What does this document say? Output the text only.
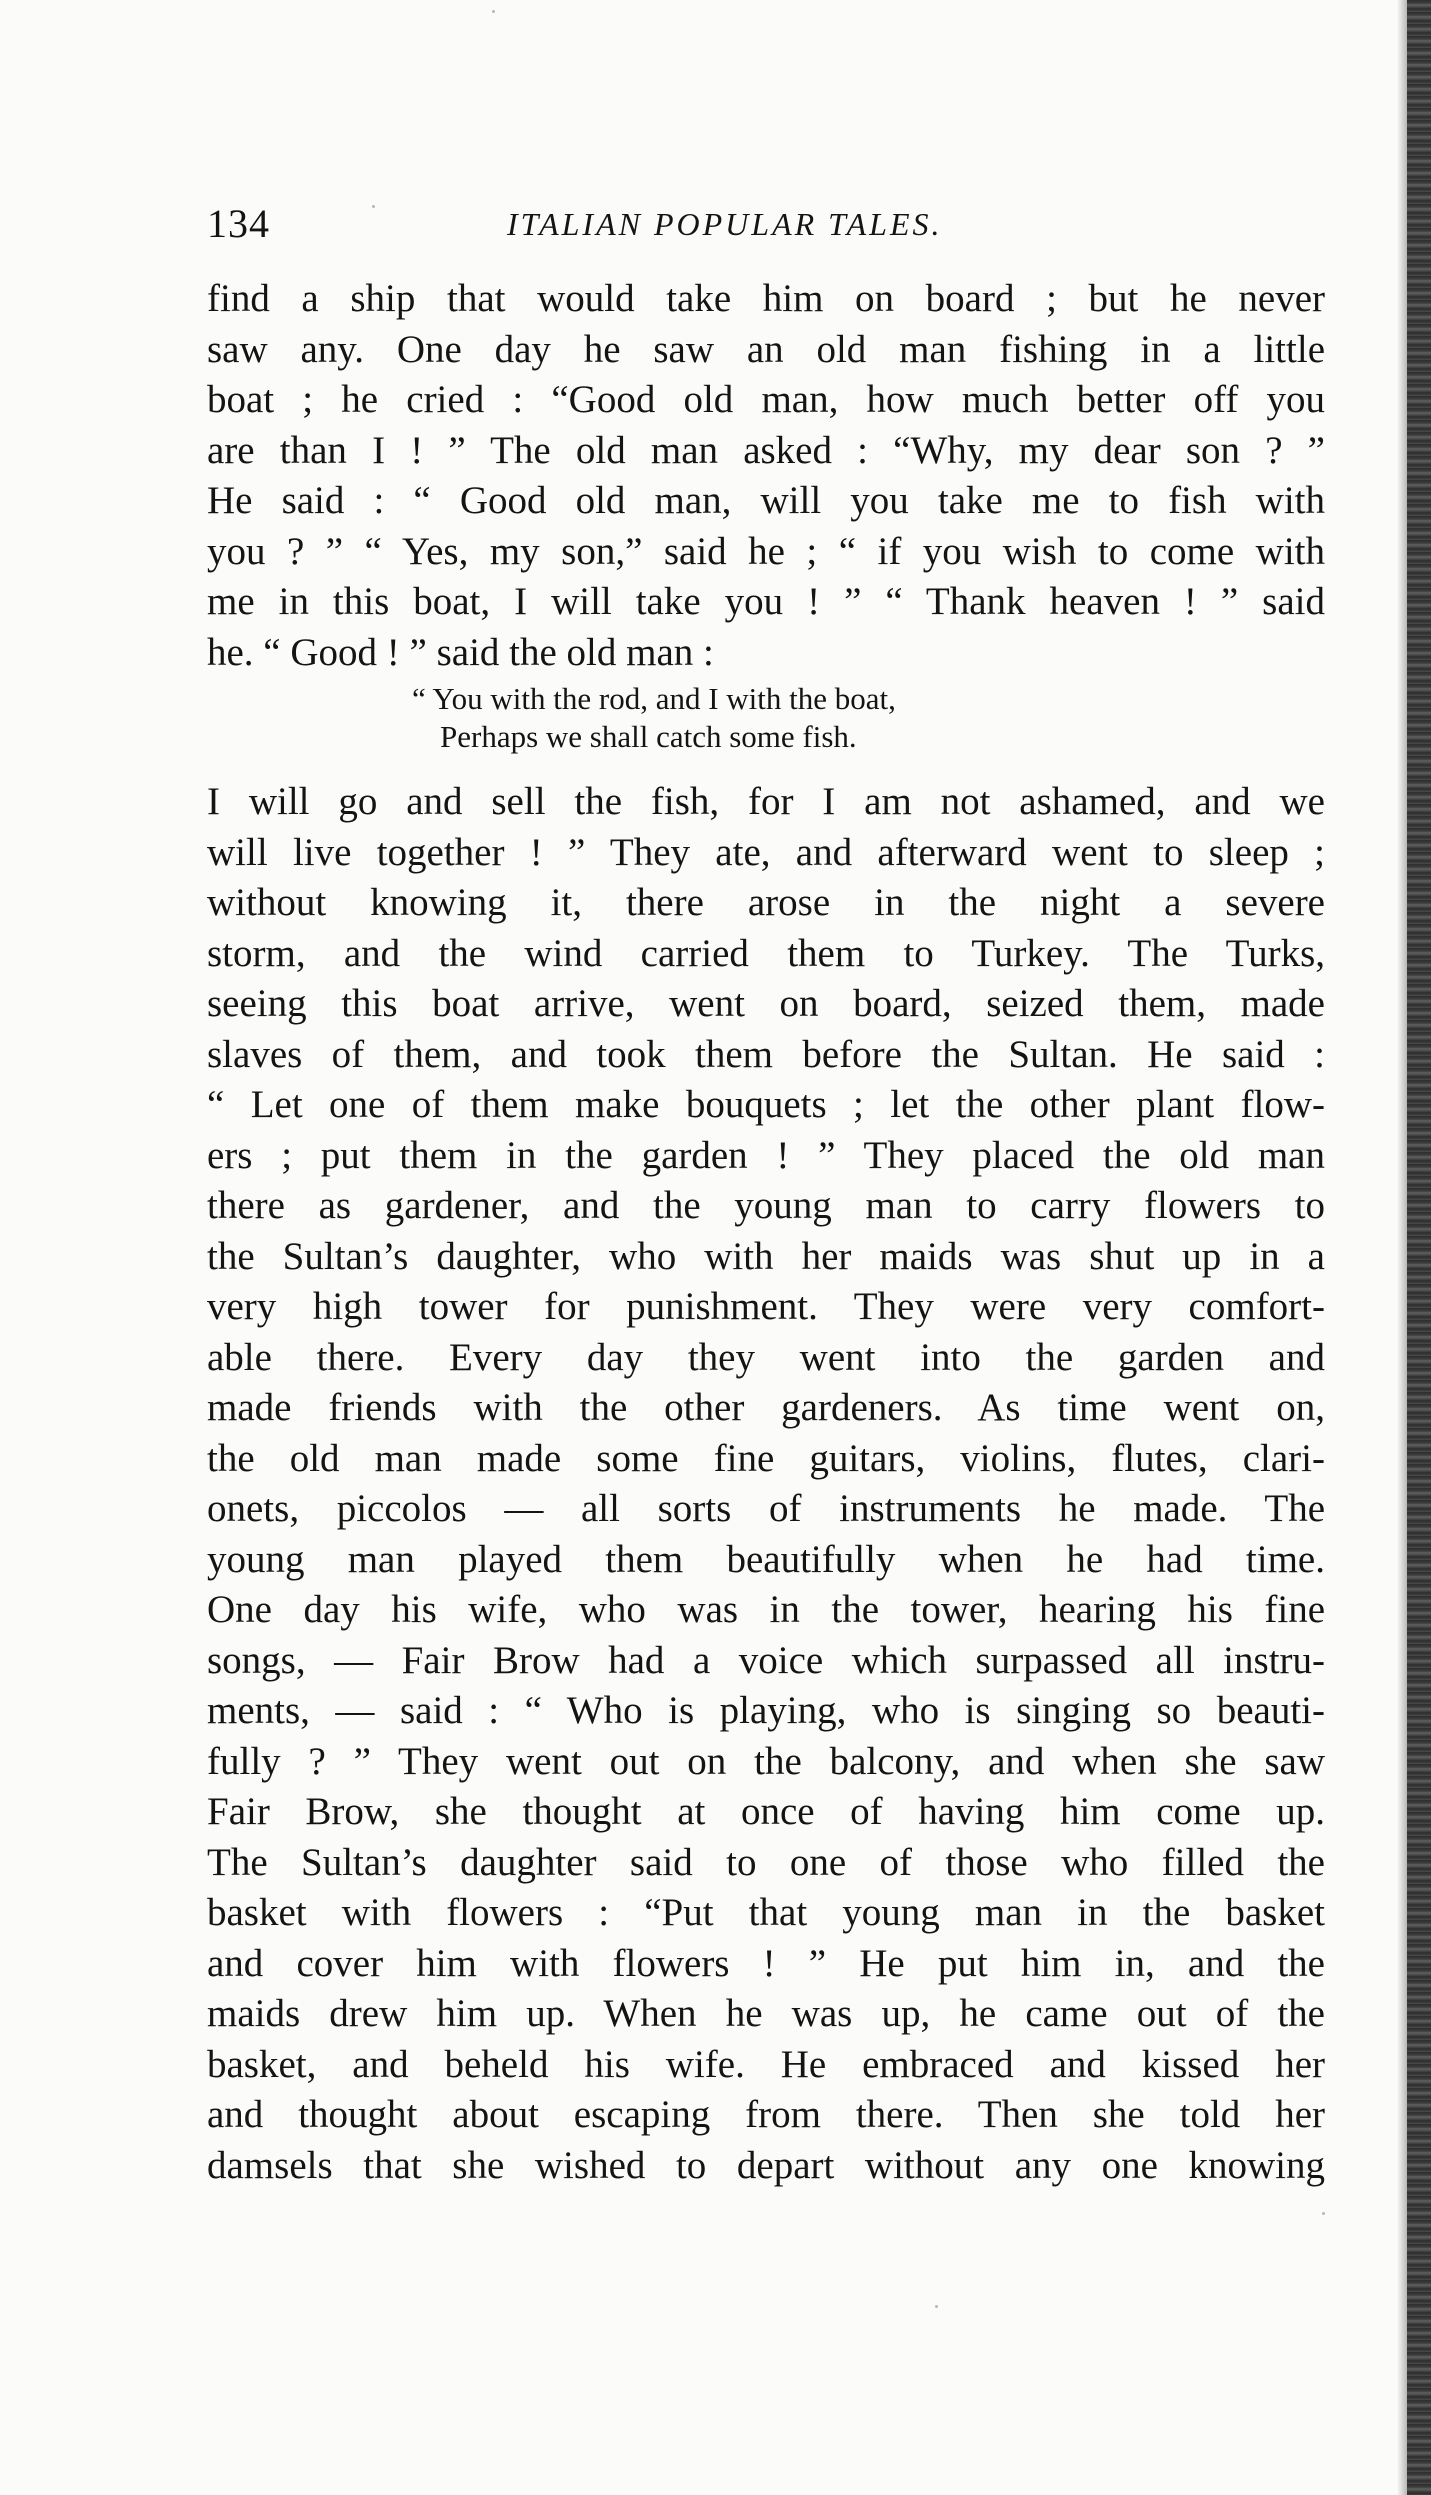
134	ITALIAN POPULAR TALES.
find a ship that would take him on board ; but he never
saw any. One day he saw an old man fishing in a little
boat ; he cried : “Good old man, how much better off you
are than I ! ” The old man asked : “Why, my dear son ? ”
He said : “ Good old man, will you take me to fish with
you ? ” “ Yes, my son,” said he ; “ if you wish to come with
me in this boat, I will take you ! ” “ Thank heaven ! ” said
he. “ Good ! ” said the old man :
“ You with the rod, and I with the boat,
Perhaps we shall catch some fish.
I will go and sell the fish, for I am not ashamed, and we
will live together ! ” They ate, and afterward went to sleep ;
without knowing it, there arose in the night a severe
storm, and the wind carried them to Turkey. The Turks,
seeing this boat arrive, went on board, seized them, made
slaves of them, and took them before the Sultan. He said :
“ Let one of them make bouquets ; let the other plant flow-
ers ; put them in the garden ! ” They placed the old man
there as gardener, and the young man to carry flowers to
the Sultan’s daughter, who with her maids was shut up in a
very high tower for punishment. They were very comfort-
able there. Every day they went into the garden and
made friends with the other gardeners. As time went on,
the old man made some fine guitars, violins, flutes, clari-
onets, piccolos — all sorts of instruments he made. The
young man played them beautifully when he had time.
One day his wife, who was in the tower, hearing his fine
songs, — Fair Brow had a voice which surpassed all instru-
ments, — said : “ Who is playing, who is singing so beauti-
fully ? ” They went out on the balcony, and when she saw
Fair Brow, she thought at once of having him come up.
The Sultan’s daughter said to one of those who filled the
basket with flowers : “Put that young man in the basket
and cover him with flowers ! ” He put him in, and the
maids drew him up. When he was up, he came out of the
basket, and beheld his wife. He embraced and kissed her
and thought about escaping from there. Then she told her
damsels that she wished to depart without any one knowing
